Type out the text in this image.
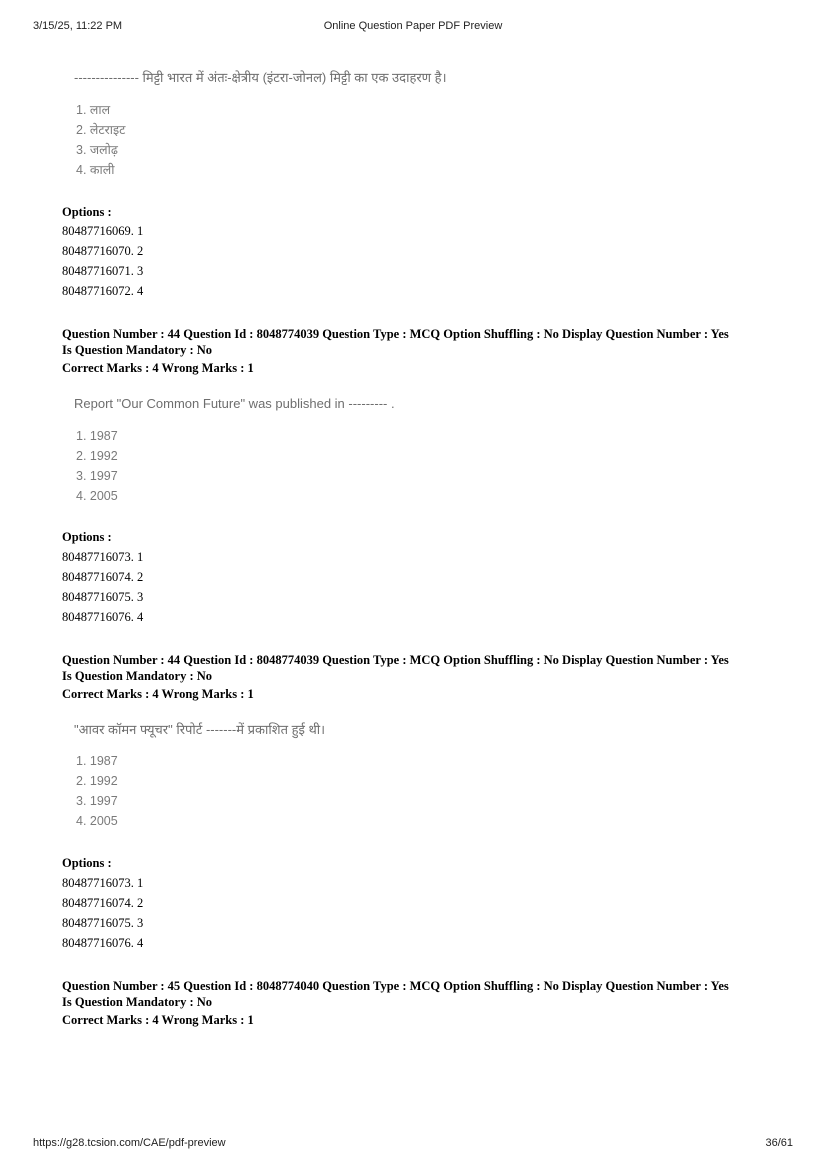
3/15/25, 11:22 PM	Online Question Paper PDF Preview
--------------- मिट्टी भारत में अंतः-क्षेत्रीय (इंटरा-जोनल) मिट्टी का एक उदाहरण है।
1. लाल
2. लेटराइट
3. जलोढ़
4. काली
Options :
80487716069. 1
80487716070. 2
80487716071. 3
80487716072. 4
Question Number : 44 Question Id : 8048774039 Question Type : MCQ Option Shuffling : No Display Question Number : Yes
Is Question Mandatory : No
Correct Marks : 4 Wrong Marks : 1
Report "Our Common Future" was published in --------- .
1. 1987
2. 1992
3. 1997
4. 2005
Options :
80487716073. 1
80487716074. 2
80487716075. 3
80487716076. 4
Question Number : 44 Question Id : 8048774039 Question Type : MCQ Option Shuffling : No Display Question Number : Yes
Is Question Mandatory : No
Correct Marks : 4 Wrong Marks : 1
"आवर कॉमन फ्यूचर" रिपोर्ट -------में प्रकाशित हुई थी।
1. 1987
2. 1992
3. 1997
4. 2005
Options :
80487716073. 1
80487716074. 2
80487716075. 3
80487716076. 4
Question Number : 45 Question Id : 8048774040 Question Type : MCQ Option Shuffling : No Display Question Number : Yes
Is Question Mandatory : No
Correct Marks : 4 Wrong Marks : 1
https://g28.tcsion.com/CAE/pdf-preview	36/61
